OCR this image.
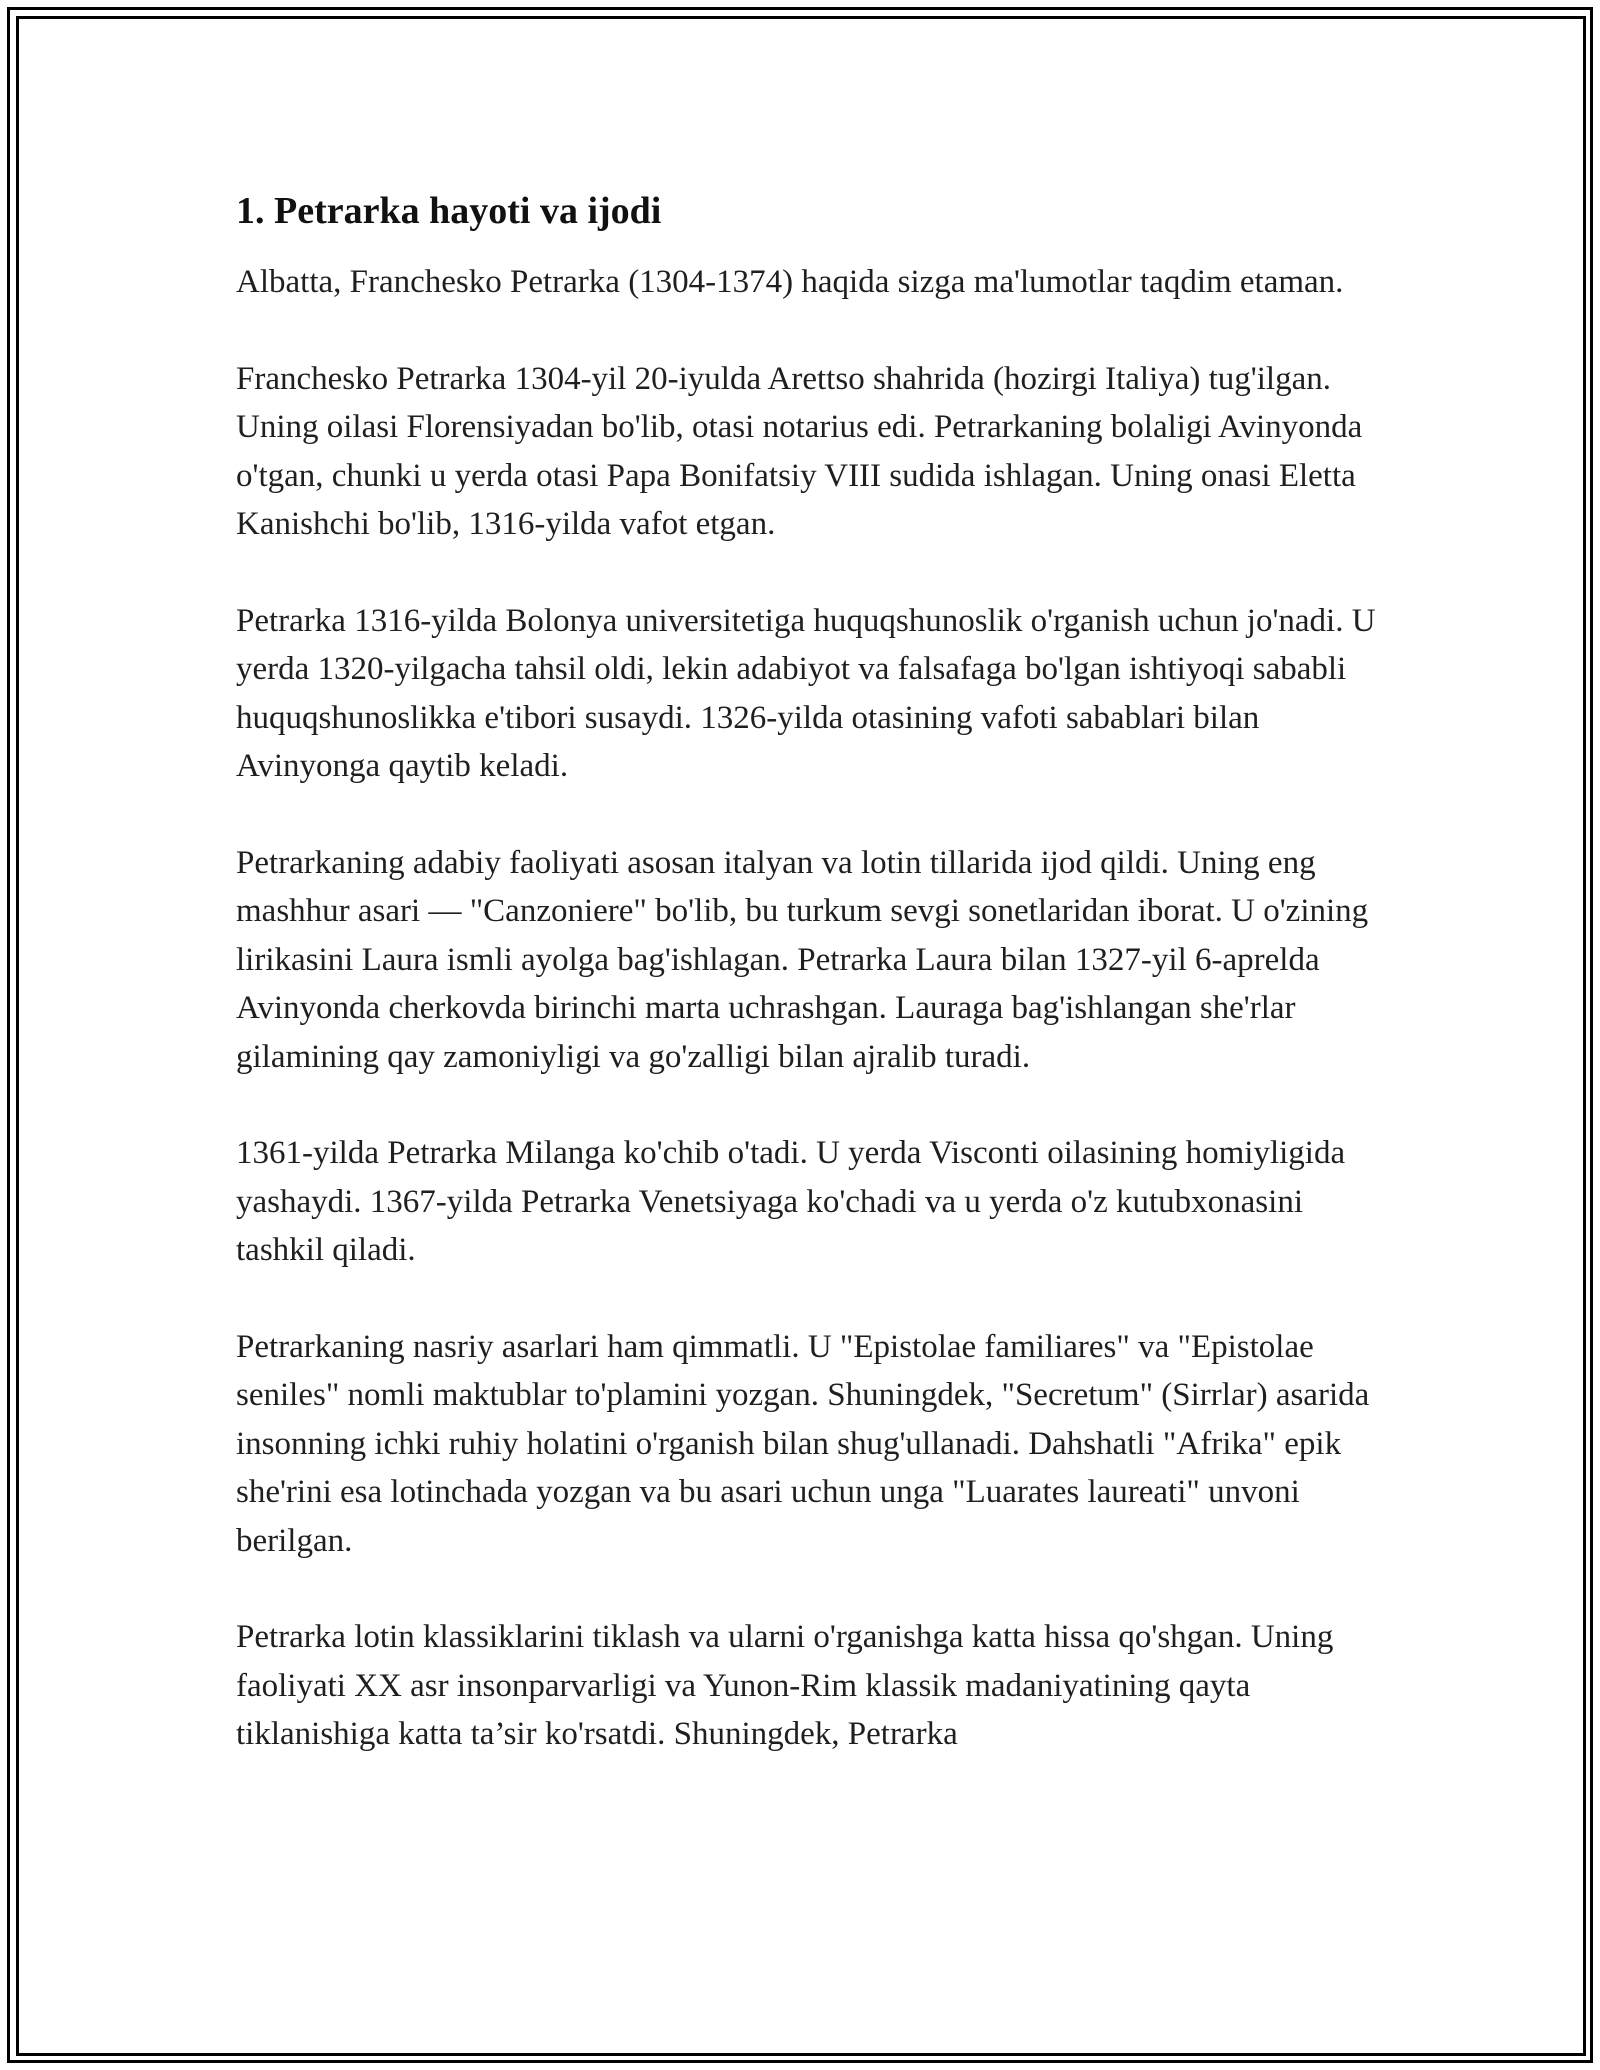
1. Petrarka hayoti va ijodi

Albatta, Franchesko Petrarka (1304-1374) haqida sizga ma'lumotlar taqdim etaman.

Franchesko Petrarka 1304-yil 20-iyulda Arettso shahrida (hozirgi Italiya) tug'ilgan. Uning oilasi Florensiyadan bo'lib, otasi notarius edi. Petrarkaning bolaligi Avinyonda o'tgan, chunki u yerda otasi Papa Bonifatsiy VIII sudida ishlagan. Uning onasi Eletta Kanishchi bo'lib, 1316-yilda vafot etgan.

Petrarka 1316-yilda Bolonya universitetiga huquqshunoslik o'rganish uchun jo'nadi. U yerda 1320-yilgacha tahsil oldi, lekin adabiyot va falsafaga bo'lgan ishtiyoqi sababli huquqshunoslikka e'tibori susaydi. 1326-yilda otasining vafoti sabablari bilan Avinyonga qaytib keladi.

Petrarkaning adabiy faoliyati asosan italyan va lotin tillarida ijod qildi. Uning eng mashhur asari — "Canzoniere" bo'lib, bu turkum sevgi sonetlaridan iborat. U o'zining lirikasini Laura ismli ayolga bag'ishlagan. Petrarka Laura bilan 1327-yil 6-aprelda Avinyonda cherkovda birinchi marta uchrashgan. Lauraga bag'ishlangan she'rlar gilamining qay zamoniyligi va go'zalligi bilan ajralib turadi.

1361-yilda Petrarka Milanga ko'chib o'tadi. U yerda Visconti oilasining homiyligida yashaydi. 1367-yilda Petrarka Venetsiyaga ko'chadi va u yerda o'z kutubxonasini tashkil qiladi.

Petrarkaning nasriy asarlari ham qimmatli. U "Epistolae familiares" va "Epistolae seniles" nomli maktublar to'plamini yozgan. Shuningdek, "Secretum" (Sirrlar) asarida insonning ichki ruhiy holatini o'rganish bilan shug'ullanadi. Dahshatli "Afrika" epik she'rini esa lotinchada yozgan va bu asari uchun unga "Luarates laureati" unvoni berilgan.

Petrarka lotin klassiklarini tiklash va ularni o'rganishga katta hissa qo'shgan. Uning faoliyati XX asr insonparvarligi va Yunon-Rim klassik madaniyatining qayta tiklanishiga katta ta’sir ko'rsatdi. Shuningdek, Petrarka
